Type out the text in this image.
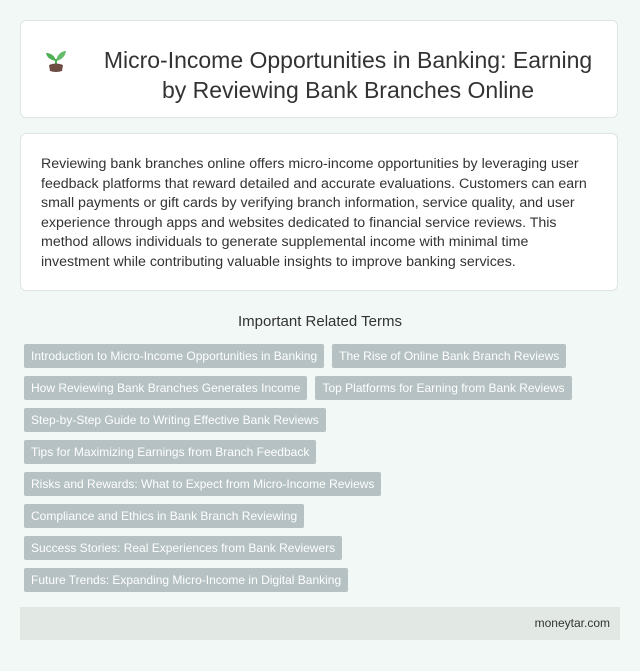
Micro-Income Opportunities in Banking: Earning by Reviewing Bank Branches Online

Reviewing bank branches online offers micro-income opportunities by leveraging user feedback platforms that reward detailed and accurate evaluations. Customers can earn small payments or gift cards by verifying branch information, service quality, and user experience through apps and websites dedicated to financial service reviews. This method allows individuals to generate supplemental income with minimal time investment while contributing valuable insights to improve banking services.

Important Related Terms
Introduction to Micro-Income Opportunities in Banking	The Rise of Online Bank Branch Reviews
How Reviewing Bank Branches Generates Income	Top Platforms for Earning from Bank Reviews
Step-by-Step Guide to Writing Effective Bank Reviews
Tips for Maximizing Earnings from Branch Feedback
Risks and Rewards: What to Expect from Micro-Income Reviews
Compliance and Ethics in Bank Branch Reviewing
Success Stories: Real Experiences from Bank Reviewers
Future Trends: Expanding Micro-Income in Digital Banking
moneytar.com
